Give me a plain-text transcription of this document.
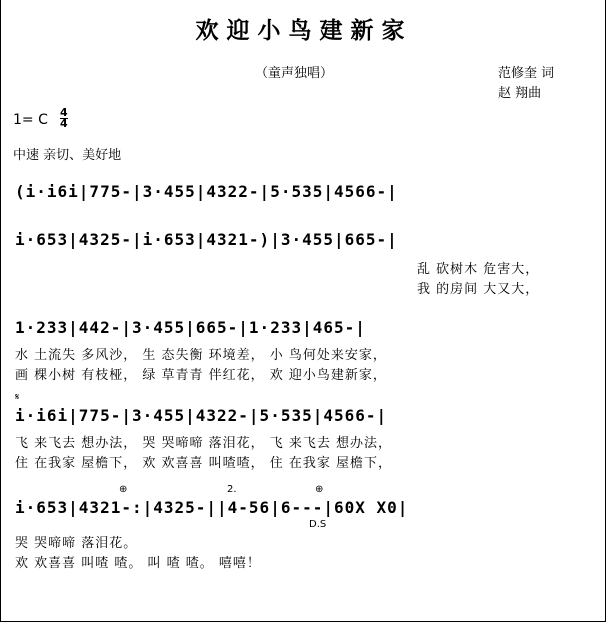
欢迎小鸟建新家
（童声独唱）	范修奎 词
赵 翔曲
1= C 4
4
中速 亲切、美好地
(i·i6i|775-|3·455|4322-|5·535|4566-|
i·653|4325-|i·653|4321-)|3·455|665-|
乱 砍树木 危害大，
我 的房间 大又大，
1·233|442-|3·455|665-|1·233|465-|
水 土流失 多风沙， 生 态失衡 环境差， 小 鸟何处来安家，
画 棵小树 有枝桠， 绿 草青青 伴红花， 欢 迎小鸟建新家，
𝄋
i·i6i|775-|3·455|4322-|5·535|4566-|
飞 来飞去 想办法， 哭 哭啼啼 落泪花， 飞 来飞去 想办法，
住 在我家 屋檐下， 欢 欢喜喜 叫喳喳， 住 在我家 屋檐下，
⊕	2.	⊕
i·653|4321-:|4325-||4-56|6---|60X X0|
D.S
哭 哭啼啼 落泪花。
欢 欢喜喜 叫喳 喳。 叫 喳 喳。 嘻嘻！
